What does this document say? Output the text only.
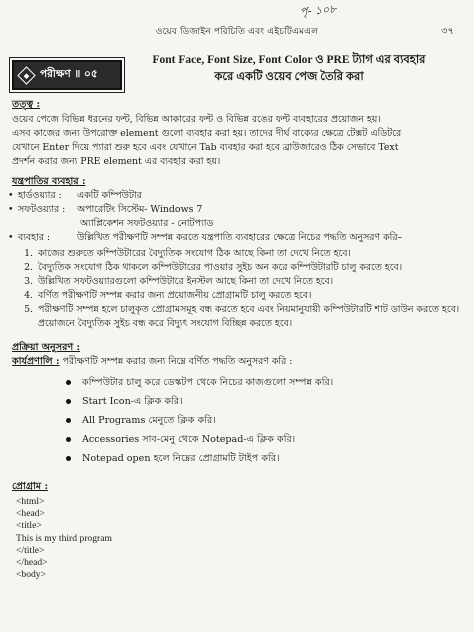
পৃ- ১০৮
ওয়েব ডিজাইন পরিচিতি এবং এইচটিএমএল	৩৭
পরীক্ষণ ॥ ০৫
Font Face, Font Size, Font Color ও PRE ট্যাগ এর ব্যবহার
করে একটি ওয়েব পেজ তৈরি করা
তত্ত্ব :

ওয়েব পেজে বিভিন্ন ধরনের ফন্ট, বিভিন্ন আকারের ফন্ট ও বিভিন্ন রঙের ফন্ট ব্যবহারের প্রয়োজন হয়।

এসব কাজের জন্য উপরোক্ত element গুলো ব্যবহার করা হয়। তাদের দীর্ঘ বাক্যের ক্ষেত্রে টেক্সট এডিটরে

যেখানে Enter দিয়ে প্যারা শুরু হবে এবং যেখানে Tab ব্যবহার করা হবে ব্রাউজারেও ঠিক সেভাবে Text

প্রদর্শন করার জন্য PRE element এর ব্যবহার করা হয়।

যন্ত্রপাতির ব্যবহার :
• হার্ডওয়্যার : একটি কম্পিউটার
• সফটওয়্যার : অপারেটিং সিস্টেম- Windows 7
অ্যাপ্লিকেশন সফটওয়্যার - নোটপ্যাড
• ব্যবহার :	উল্লিখিত পরীক্ষণটি সম্পন্ন করতে যন্ত্রপাতি ব্যবহারের ক্ষেত্রে নিচের পদ্ধতি অনুসরণ করি–
1. কাজের শুরুতে কম্পিউটারের বৈদ্যুতিক সংযোগ ঠিক আছে কিনা তা দেখে নিতে হবে।
2. বৈদ্যুতিক সংযোগ ঠিক থাকলে কম্পিউটারের পাওয়ার সুইচ অন করে কম্পিউটারটি চালু করতে হবে।
3. উল্লিখিত সফটওয়্যারগুলো কম্পিউটারে ইনস্টল আছে কিনা তা দেখে নিতে হবে।
4. বর্ণিত পরীক্ষণটি সম্পন্ন করার জন্য প্রয়োজনীয় প্রোগ্রামটি চালু করতে হবে।
5. পরীক্ষণটি সম্পন্ন হলে চালুকৃত প্রোগ্রামসমূহ বন্ধ করতে হবে এবং নিয়মানুযায়ী কম্পিউটারটি শাট ডাউন করতে হবে। প্রয়োজনে বৈদ্যুতিক সুইচ বন্ধ করে বিদ্যুৎ সংযোগ বিচ্ছিন্ন করতে হবে।
প্রক্রিয়া অনুসরণ :
কার্যপ্রণালি : পরীক্ষণটি সম্পন্ন করার জন্য নিম্নে বর্ণিত পদ্ধতি অনুসরণ করি :
কম্পিউটার চালু করে ডেস্কটপ থেকে নিচের কাজগুলো সম্পন্ন করি।
Start Icon-এ ক্লিক করি।
All Programs মেনুতে ক্লিক করি।
Accessories সাব-মেনু থেকে Notepad-এ ক্লিক করি।
Notepad open হলে নিম্নের প্রোগ্রামটি টাইপ করি।
প্রোগ্রাম :
<html>
<head>
<title>
This is my third program
</title>
</head>
<body>
